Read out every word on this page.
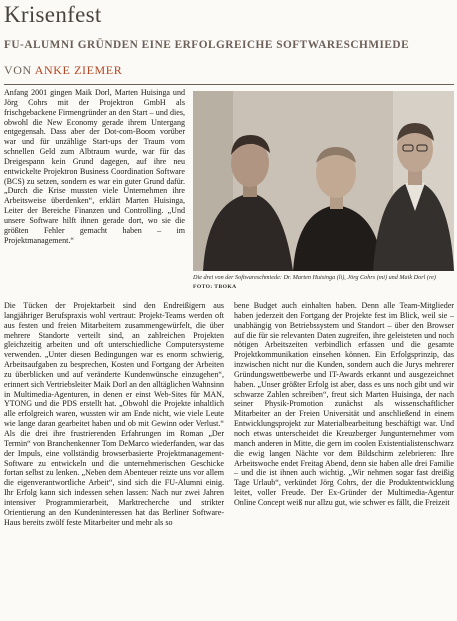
Krisenfest
FU-ALUMNI GRÜNDEN EINE ERFOLGREICHE SOFTWARESCHMIEDE
VON ANKE ZIEMER

Anfang 2001 gingen Maik Dorl, Marten Huisinga und Jörg Cohrs mit der Projektron GmbH als frischgebackene Firmengründer an den Start – und dies, obwohl die New Economy gerade ihrem Untergang entgegensah. Dass aber der Dot-com-Boom vorüber war und für unzählige Start-ups der Traum vom schnellen Geld zum Albtraum wurde, war für das Dreigespann kein Grund dagegen, auf ihre neu entwickelte Projektron Business Coordination Software (BCS) zu setzen, sondern es war ein guter Grund dafür. „Durch die Krise mussten viele Unternehmen ihre Arbeitsweise überdenken“, erklärt Marten Huisinga, Leiter der Bereiche Finanzen und Controlling. „Und unsere Software hilft ihnen gerade dort, wo sie die größten Fehler gemacht haben – im Projektmanagement.“

Die drei von der Softwareschmiede: Dr. Marten Huisinga (li), Jörg Cohrs (mi) und Maik Dorl (re)
FOTO: TBOKA

Die Tücken der Projektarbeit sind den Endreißigern aus langjähriger Berufspraxis wohl vertraut: Projekt-Teams werden oft aus festen und freien Mitarbeitern zusammengewürfelt, die über mehrere Standorte verteilt sind, an zahlreichen Projekten gleichzeitig arbeiten und oft unterschiedliche Computersysteme verwenden. „Unter diesen Bedingungen war es enorm schwierig, Arbeitsaufgaben zu besprechen, Kosten und Fortgang der Arbeiten zu überblicken und auf veränderte Kundenwünsche einzugehen“, erinnert sich Vertriebsleiter Maik Dorl an den alltäglichen Wahnsinn in Multimedia-Agenturen, in denen er einst Web-Sites für MAN, YTONG und die PDS erstellt hat. „Obwohl die Projekte inhaltlich alle erfolgreich waren, wussten wir am Ende nicht, wie viele Leute wie lange daran gearbeitet haben und ob mit Gewinn oder Verlust.“ Als die drei ihre frustrierenden Erfahrungen im Roman „Der Termin“ von Branchenkenner Tom DeMarco wiederfanden, war das der Impuls, eine vollständig browserbasierte Projektmanagement-Software zu entwickeln und die unternehmerischen Geschicke fortan selbst zu lenken. „Neben dem Abenteuer reizte uns vor allem die eigenverantwortliche Arbeit“, sind sich die FU-Alumni einig. Ihr Erfolg kann sich indessen sehen lassen: Nach nur zwei Jahren intensiver Programmierarbeit, Marktrecherche und strikter Orientierung an den Kundeninteressen hat das Berliner Software-Haus bereits zwölf feste Mitarbeiter und mehr als so

bene Budget auch einhalten haben. Denn alle Team-Mitglieder haben jederzeit den Fortgang der Projekte fest im Blick, weil sie – unabhängig von Betriebssystem und Standort – über den Browser auf die für sie relevanten Daten zugreifen, ihre geleisteten und noch nötigen Arbeitszeiten verbindlich erfassen und die gesamte Projektkommunikation einsehen können. Ein Erfolgsprinzip, das inzwischen nicht nur die Kunden, sondern auch die Jurys mehrerer Gründungswettbewerbe und IT-Awards erkannt und ausgezeichnet haben. „Unser größter Erfolg ist aber, dass es uns noch gibt und wir schwarze Zahlen schreiben“, freut sich Marten Huisinga, der nach seiner Physik-Promotion zunächst als wissenschaftlicher Mitarbeiter an der Freien Universität und anschließend in einem Entwicklungsprojekt zur Materialbearbeitung beschäftigt war. Und noch etwas unterscheidet die Kreuzberger Jungunternehmer vom manch anderen in Mitte, die gern im coolen Existentialistenschwarz die ewig langen Nächte vor dem Bildschirm zelebrieren: Ihre Arbeitswoche endet Freitag Abend, denn sie haben alle drei Familie – und die ist ihnen auch wichtig. „Wir nehmen sogar fast dreißig Tage Urlaub“, verkündet Jörg Cohrs, der die Produktentwicklung leitet, voller Freude. Der Ex-Gründer der Multimedia-Agentur Online Concept weiß nur allzu gut, wie schwer es fällt, die Freizeit
